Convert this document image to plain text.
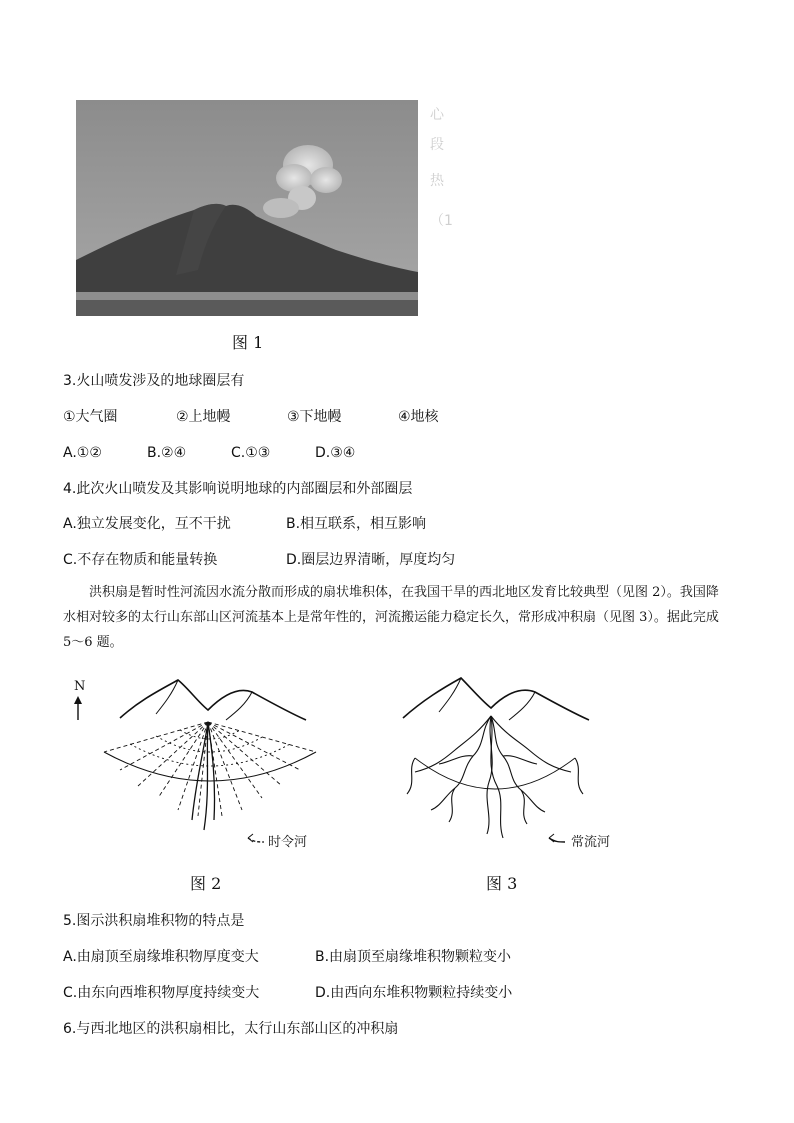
心
段
热
（1
图 1
3.火山喷发涉及的地球圈层有
①大气圈	②上地幔	③下地幔	④地核
A.①②	B.②④	C.①③	D.③④
4.此次火山喷发及其影响说明地球的内部圈层和外部圈层
A.独立发展变化，互不干扰	B.相互联系，相互影响
C.不存在物质和能量转换	D.圈层边界清晰，厚度均匀
洪积扇是暂时性河流因水流分散而形成的扇状堆积体，在我国干旱的西北地区发育比较典型（见图 2）。我国降水相对较多的太行山东部山区河流基本上是常年性的，河流搬运能力稳定长久，常形成冲积扇（见图 3）。据此完成 5～6 题。
N
时令河
图 2
常流河
图 3
5.图示洪积扇堆积物的特点是
A.由扇顶至扇缘堆积物厚度变大	B.由扇顶至扇缘堆积物颗粒变小
C.由东向西堆积物厚度持续变大	D.由西向东堆积物颗粒持续变小
6.与西北地区的洪积扇相比，太行山东部山区的冲积扇
